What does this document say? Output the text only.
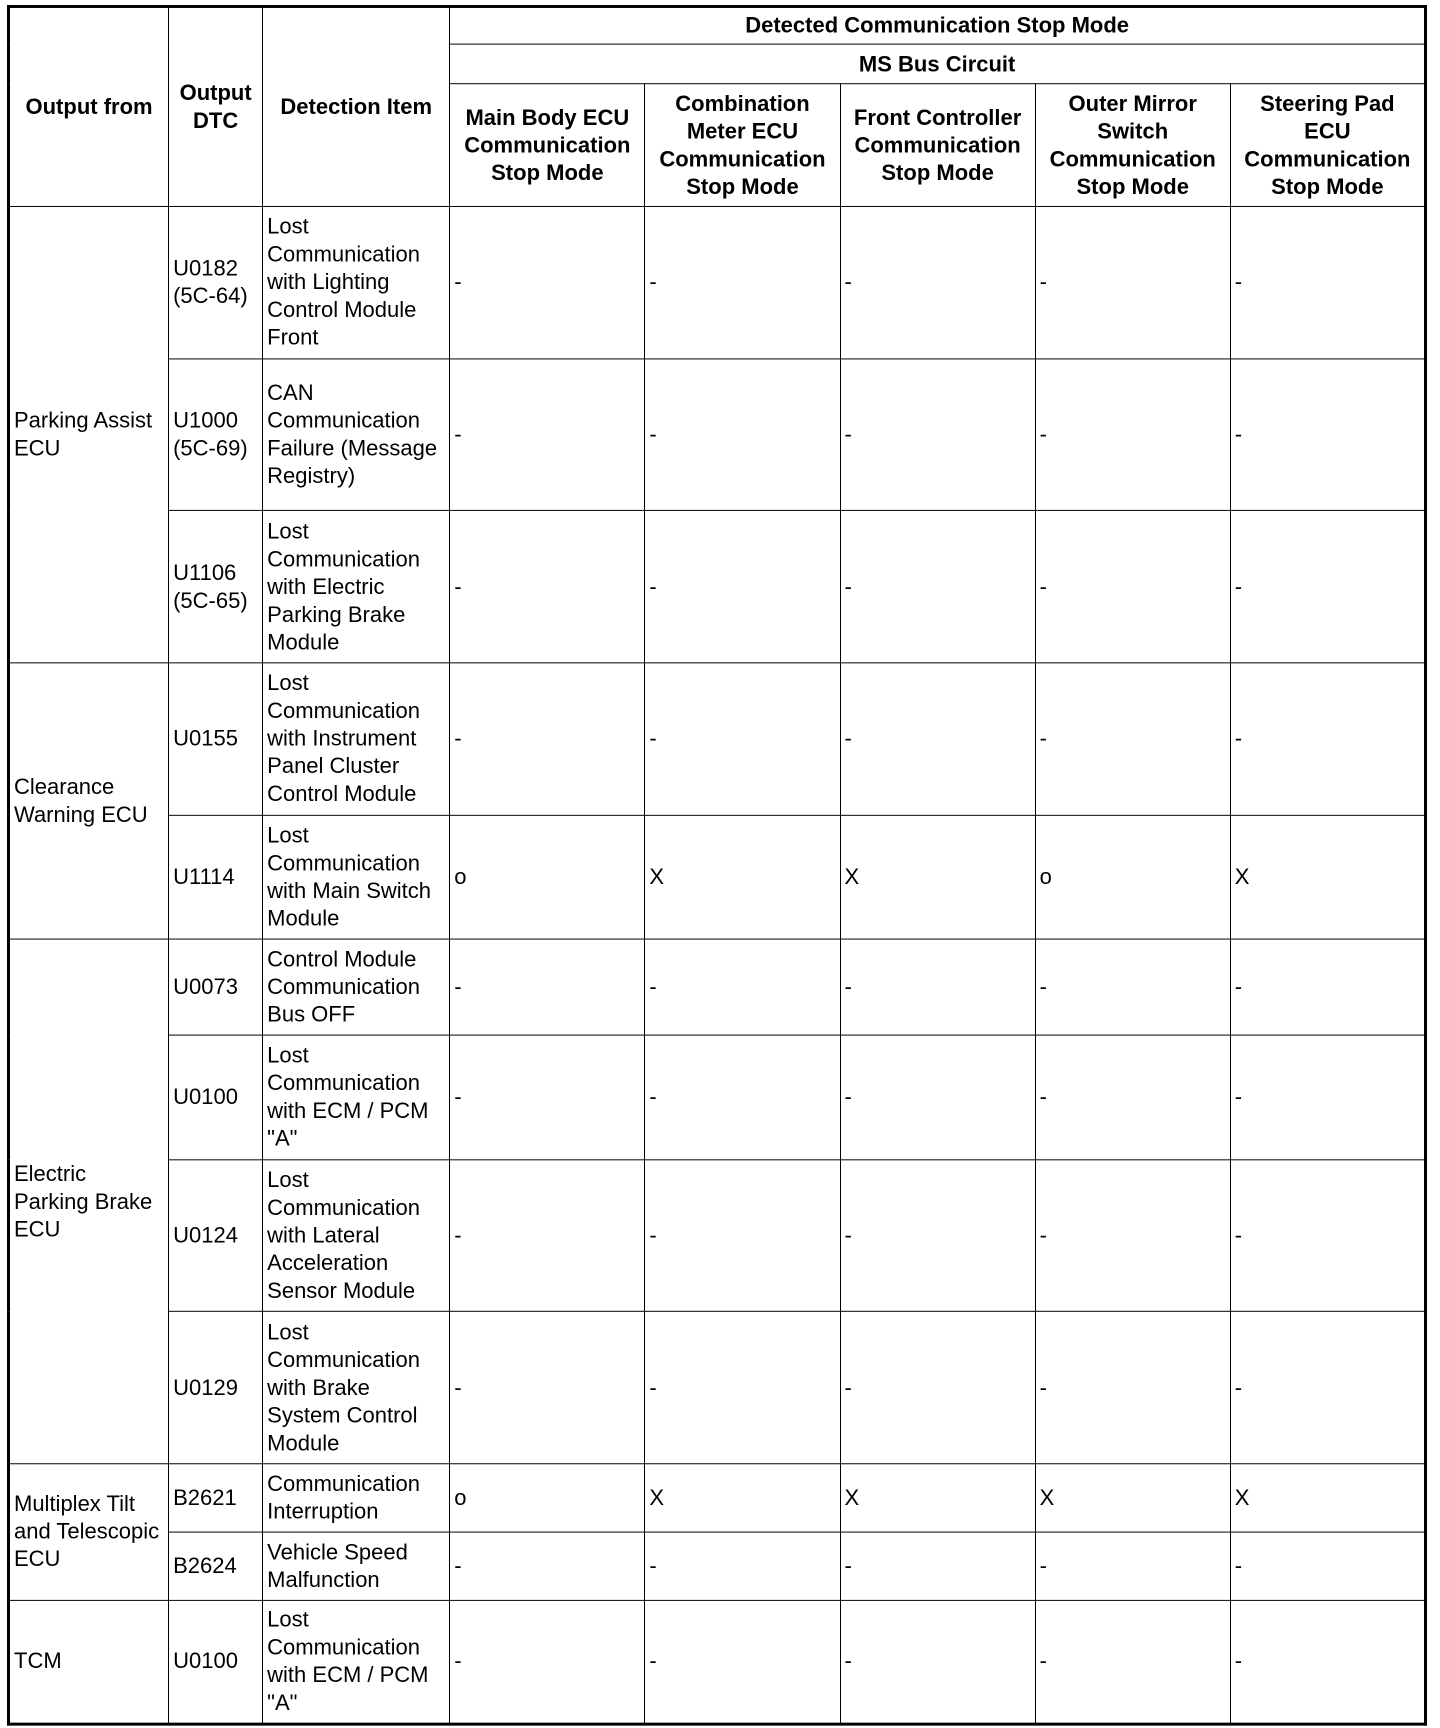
Output from	Output DTC	Detection Item	Detected Communication Stop Mode				
			MS Bus Circuit				
			Main Body ECU Communication Stop Mode	Combination Meter ECU Communication Stop Mode	Front Controller Communication Stop Mode	Outer Mirror Switch Communication Stop Mode	Steering Pad ECU Communication Stop Mode
Parking Assist ECU	U0182 (5C-64)	Lost Communication with Lighting Control Module Front	-	-	-	-	-
	U1000 (5C-69)	CAN Communication Failure (Message Registry)	-	-	-	-	-
	U1106 (5C-65)	Lost Communication with Electric Parking Brake Module	-	-	-	-	-
Clearance Warning ECU	U0155	Lost Communication with Instrument Panel Cluster Control Module	-	-	-	-	-
	U1114	Lost Communication with Main Switch Module	o	X	X	o	X
Electric Parking Brake ECU	U0073	Control Module Communication Bus OFF	-	-	-	-	-
	U0100	Lost Communication with ECM / PCM "A"	-	-	-	-	-
	U0124	Lost Communication with Lateral Acceleration Sensor Module	-	-	-	-	-
	U0129	Lost Communication with Brake System Control Module	-	-	-	-	-
Multiplex Tilt and Telescopic ECU	B2621	Communication Interruption	o	X	X	X	X
	B2624	Vehicle Speed Malfunction	-	-	-	-	-
TCM	U0100	Lost Communication with ECM / PCM "A"	-	-	-	-	-
